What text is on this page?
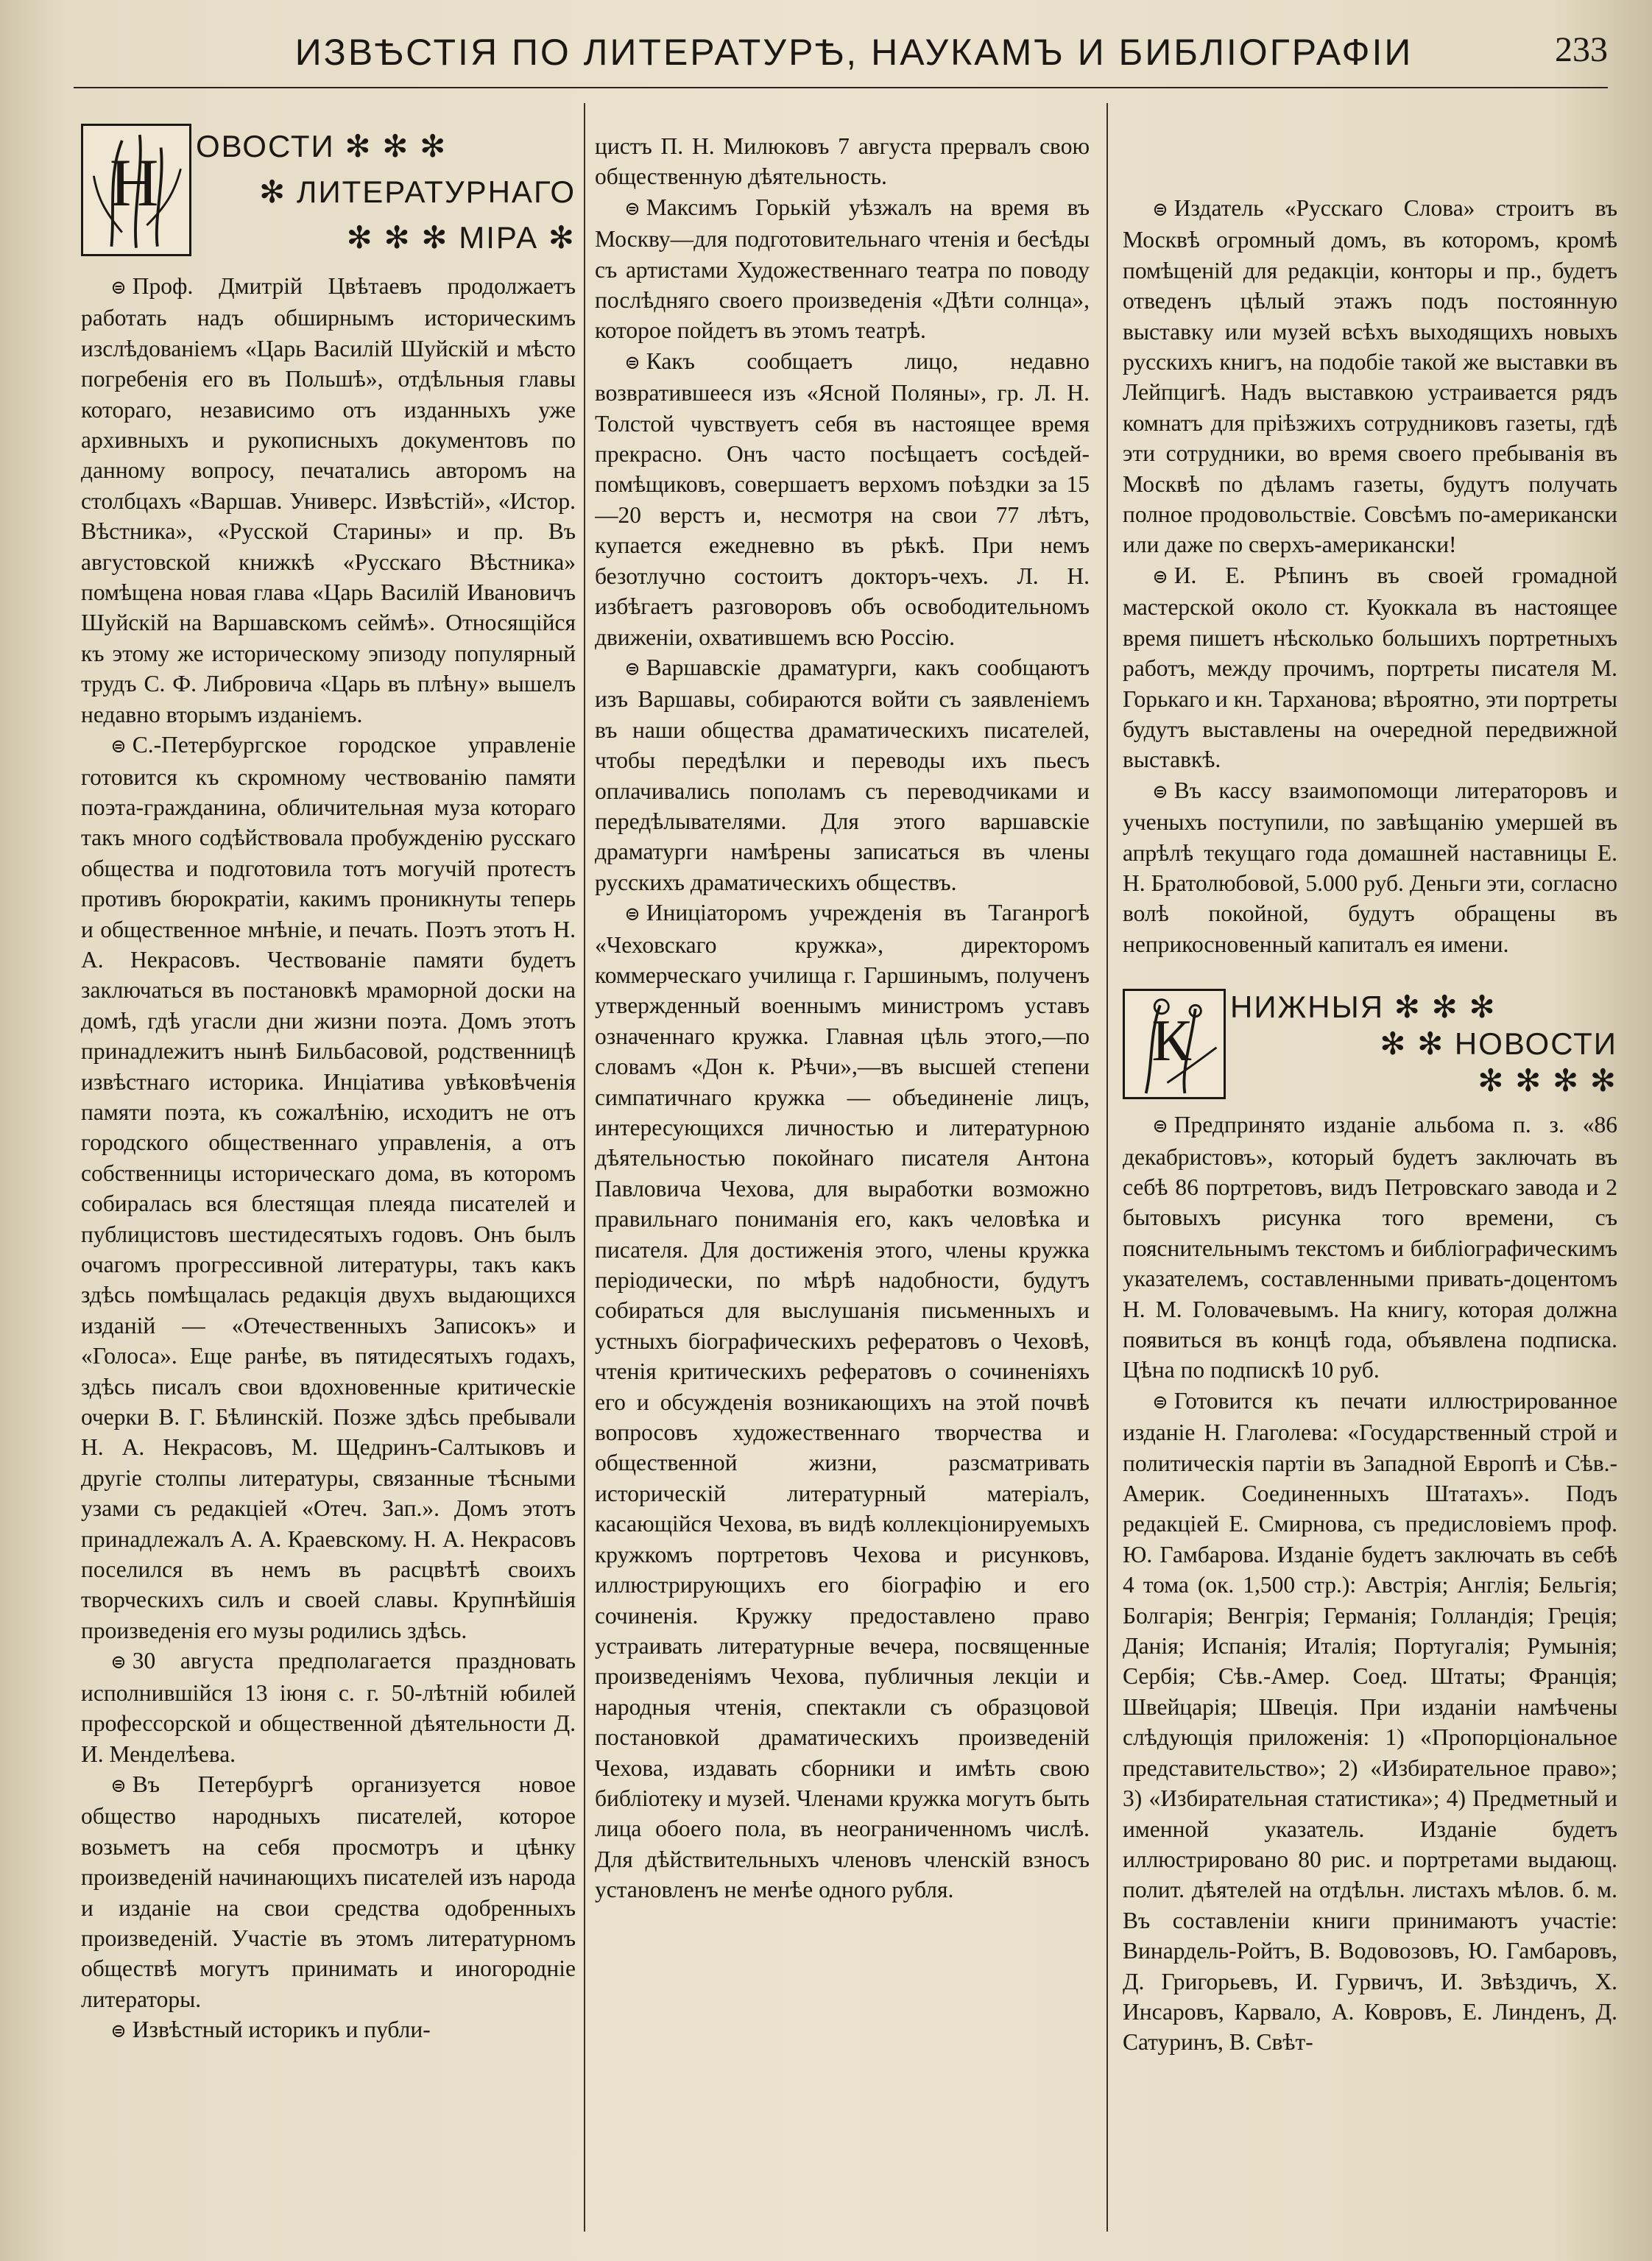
ИЗВѢСТІЯ ПО ЛИТЕРАТУРѢ, НАУКАМЪ И БИБЛІОГРАФІИ	233
Н ОВОСТИ ✻ ✻ ✻

✻ ЛИТЕРАТУРНАГО

✻ ✻ ✻ МІРА ✻

⊜ Проф. Дмитрій Цвѣтаевъ продолжаетъ работать надъ обширнымъ историческимъ изслѣдованіемъ «Царь Василій Шуйскій и мѣсто погребенія его въ Польшѣ», отдѣльныя главы котораго, независимо отъ изданныхъ уже архивныхъ и рукописныхъ документовъ по данному вопросу, печатались авторомъ на столбцахъ «Варшав. Универс. Извѣстій», «Истор. Вѣстника», «Русской Старины» и пр. Въ августовской книжкѣ «Русскаго Вѣстника» помѣщена новая глава «Царь Василій Ивановичъ Шуйскій на Варшавскомъ сеймѣ». Относящійся къ этому же историческому эпизоду популярный трудъ С. Ф. Либровича «Царь въ плѣну» вышелъ недавно вторымъ изданіемъ.

⊜ С.-Петербургское городское управленіе готовится къ скромному чествованію памяти поэта-гражданина, обличительная муза котораго такъ много содѣйствовала пробужденію русскаго общества и подготовила тотъ могучій протестъ противъ бюрократіи, какимъ проникнуты теперь и общественное мнѣніе, и печать. Поэтъ этотъ Н. А. Некрасовъ. Чествованіе памяти будетъ заключаться въ постановкѣ мраморной доски на домѣ, гдѣ угасли дни жизни поэта. Домъ этотъ принадлежитъ нынѣ Бильбасовой, родственницѣ извѣстнаго историка. Инціатива увѣковѣченія памяти поэта, къ сожалѣнію, исходитъ не отъ городского общественнаго управленія, а отъ собственницы историческаго дома, въ которомъ собиралась вся блестящая плеяда писателей и публицистовъ шестидесятыхъ годовъ. Онъ былъ очагомъ прогрессивной литературы, такъ какъ здѣсь помѣщалась редакція двухъ выдающихся изданій — «Отечественныхъ Записокъ» и «Голоса». Еще ранѣе, въ пятидесятыхъ годахъ, здѣсь писалъ свои вдохновенные критическіе очерки В. Г. Бѣлинскій. Позже здѣсь пребывали Н. А. Некрасовъ, М. Щедринъ-Салтыковъ и другіе столпы литературы, связанные тѣсными узами съ редакціей «Отеч. Зап.». Домъ этотъ принадлежалъ А. А. Краевскому. Н. А. Некрасовъ поселился въ немъ въ расцвѣтѣ своихъ творческихъ силъ и своей славы. Крупнѣйшія произведенія его музы родились здѣсь.

⊜ 30 августа предполагается праздновать исполнившійся 13 іюня с. г. 50-лѣтній юбилей профессорской и общественной дѣятельности Д. И. Менделѣева.

⊜ Въ Петербургѣ организуется новое общество народныхъ писателей, которое возьметъ на себя просмотръ и цѣнку произведеній начинающихъ писателей изъ народа и изданіе на свои средства одобренныхъ произведеній. Участіе въ этомъ литературномъ обществѣ могутъ принимать и иногородніе литераторы.

⊜ Извѣстный историкъ и публи-

цистъ П. Н. Милюковъ 7 августа прервалъ свою общественную дѣятельность.

⊜ Максимъ Горькій уѣзжалъ на время въ Москву—для подготовительнаго чтенія и бесѣды съ артистами Художественнаго театра по поводу послѣдняго своего произведенія «Дѣти солнца», которое пойдетъ въ этомъ театрѣ.

⊜ Какъ сообщаетъ лицо, недавно возвратившееся изъ «Ясной Поляны», гр. Л. Н. Толстой чувствуетъ себя въ настоящее время прекрасно. Онъ часто посѣщаетъ сосѣдей-помѣщиковъ, совершаетъ верхомъ поѣздки за 15—20 верстъ и, несмотря на свои 77 лѣтъ, купается ежедневно въ рѣкѣ. При немъ безотлучно состоитъ докторъ-чехъ. Л. Н. избѣгаетъ разговоровъ объ освободительномъ движеніи, охватившемъ всю Россію.

⊜ Варшавскіе драматурги, какъ сообщаютъ изъ Варшавы, собираются войти съ заявленіемъ въ наши общества драматическихъ писателей, чтобы передѣлки и переводы ихъ пьесъ оплачивались пополамъ съ переводчиками и передѣлывателями. Для этого варшавскіе драматурги намѣрены записаться въ члены русскихъ драматическихъ обществъ.

⊜ Иниціаторомъ учрежденія въ Таганрогѣ «Чеховскаго кружка», директоромъ коммерческаго училища г. Гаршинымъ, полученъ утвержденный военнымъ министромъ уставъ означеннаго кружка. Главная цѣль этого,—по словамъ «Дон к. Рѣчи»,—въ высшей степени симпатичнаго кружка — объединеніе лицъ, интересующихся личностью и литературною дѣятельностью покойнаго писателя Антона Павловича Чехова, для выработки возможно правильнаго пониманія его, какъ человѣка и писателя. Для достиженія этого, члены кружка періодически, по мѣрѣ надобности, будутъ собираться для выслушанія письменныхъ и устныхъ біографическихъ рефератовъ о Чеховѣ, чтенія критическихъ рефератовъ о сочиненіяхъ его и обсужденія возникающихъ на этой почвѣ вопросовъ художественнаго творчества и общественной жизни, разсматривать историческій литературный матеріалъ, касающійся Чехова, въ видѣ коллекціонируемыхъ кружкомъ портретовъ Чехова и рисунковъ, иллюстрирующихъ его біографію и его сочиненія. Кружку предоставлено право устраивать литературные вечера, посвященные произведеніямъ Чехова, публичныя лекціи и народныя чтенія, спектакли съ образцовой постановкой драматическихъ произведеній Чехова, издавать сборники и имѣть свою библіотеку и музей. Членами кружка могутъ быть лица обоего пола, въ неограниченномъ числѣ. Для дѣйствительныхъ членовъ членскій взносъ установленъ не менѣе одного рубля.

⊜ Издатель «Русскаго Слова» строитъ въ Москвѣ огромный домъ, въ которомъ, кромѣ помѣщеній для редакціи, конторы и пр., будетъ отведенъ цѣлый этажъ подъ постоянную выставку или музей всѣхъ выходящихъ новыхъ русскихъ книгъ, на подобіе такой же выставки въ Лейпцигѣ. Надъ выставкою устраивается рядъ комнатъ для пріѣзжихъ сотрудниковъ газеты, гдѣ эти сотрудники, во время своего пребыванія въ Москвѣ по дѣламъ газеты, будутъ получать полное продовольствіе. Совсѣмъ по-американски или даже по сверхъ-американски!

⊜ И. Е. Рѣпинъ въ своей громадной мастерской около ст. Куоккала въ настоящее время пишетъ нѣсколько большихъ портретныхъ работъ, между прочимъ, портреты писателя М. Горькаго и кн. Тарханова; вѣроятно, эти портреты будутъ выставлены на очередной передвижной выставкѣ.

⊜ Въ кассу взаимопомощи литераторовъ и ученыхъ поступили, по завѣщанію умершей въ апрѣлѣ текущаго года домашней наставницы Е. Н. Братолюбовой, 5.000 руб. Деньги эти, согласно волѣ покойной, будутъ обращены въ неприкосновенный капиталъ ея имени.

К

НИЖНЫЯ ✻ ✻ ✻

✻ ✻ НОВОСТИ

✻ ✻ ✻ ✻

⊜ Предпринято изданіе альбома п. з. «86 декабристовъ», который будетъ заключать въ себѣ 86 портретовъ, видъ Петровскаго завода и 2 бытовыхъ рисунка того времени, съ пояснительнымъ текстомъ и библіографическимъ указателемъ, составленными привать-доцентомъ Н. М. Головачевымъ. На книгу, которая должна появиться въ концѣ года, объявлена подписка. Цѣна по подпискѣ 10 руб.

⊜ Готовится къ печати иллюстрированное изданіе Н. Глаголева: «Государственный строй и политическія партіи въ Западной Европѣ и Сѣв.-Америк. Соединенныхъ Штатахъ». Подъ редакціей Е. Смирнова, съ предисловіемъ проф. Ю. Гамбарова. Изданіе будетъ заключать въ себѣ 4 тома (ок. 1,500 стр.): Австрія; Англія; Бельгія; Болгарія; Венгрія; Германія; Голландія; Греція; Данія; Испанія; Италія; Португалія; Румынія; Сербія; Сѣв.-Амер. Соед. Штаты; Франція; Швейцарія; Швеція. При изданіи намѣчены слѣдующія приложенія: 1) «Пропорціональное представительство»; 2) «Избирательное право»; 3) «Избирательная статистика»; 4) Предметный и именной указатель. Изданіе будетъ иллюстрировано 80 рис. и портретами выдающ. полит. дѣятелей на отдѣльн. листахъ мѣлов. б. м. Въ составленіи книги принимаютъ участіе: Винардель-Ройтъ, В. Водовозовъ, Ю. Гамбаровъ, Д. Григорьевъ, И. Гурвичъ, И. Звѣздичъ, Х. Инсаровъ, Карвало, А. Ковровъ, Е. Линденъ, Д. Сатуринъ, В. Свѣт-
